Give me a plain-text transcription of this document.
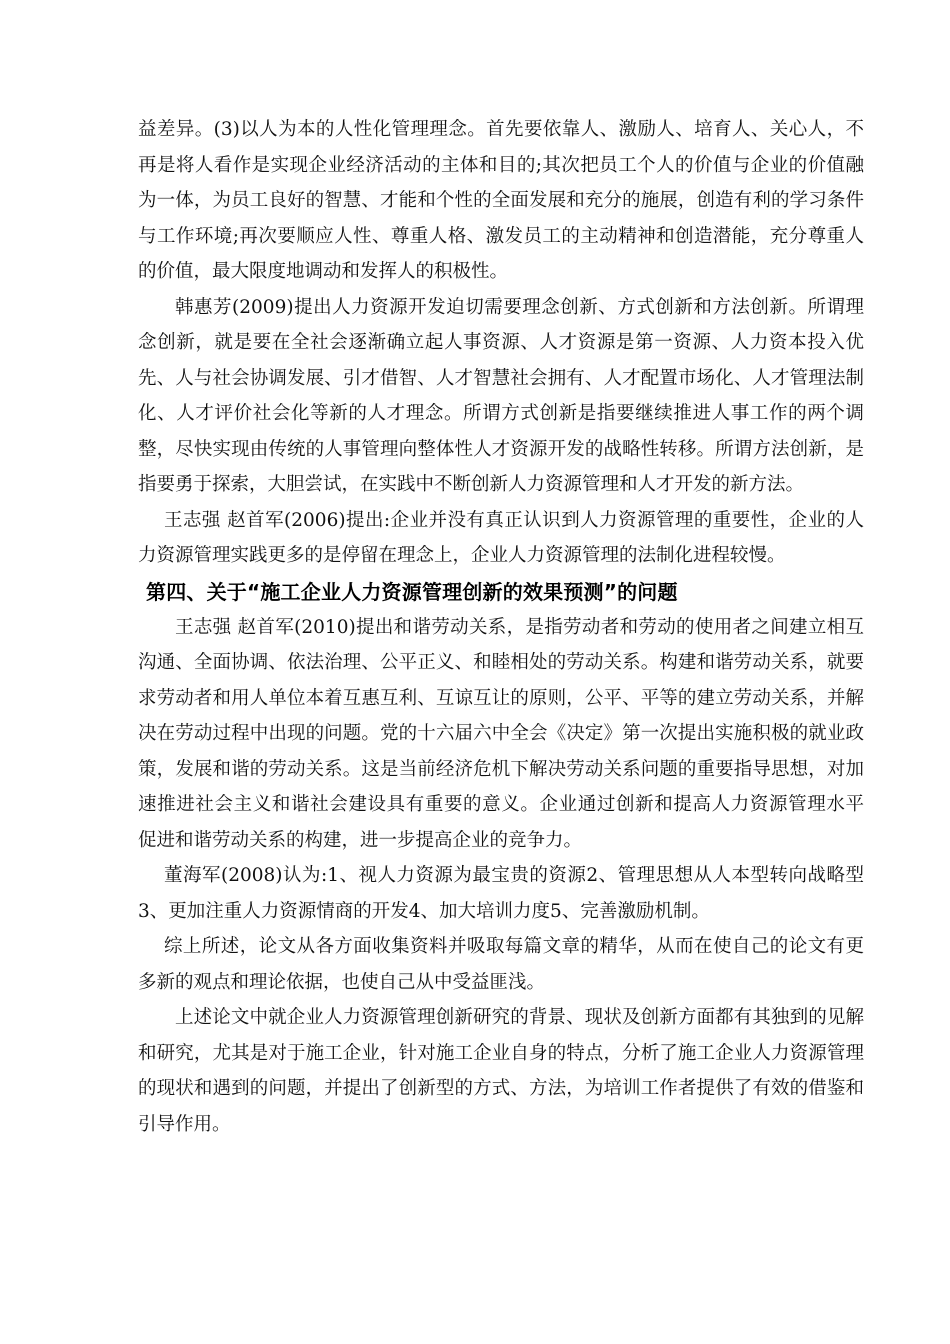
益差异。(3)以人为本的人性化管理理念。首先要依靠人、激励人、培育人、关心人，不再是将人看作是实现企业经济活动的主体和目的;其次把员工个人的价值与企业的价值融为一体，为员工良好的智慧、才能和个性的全面发展和充分的施展，创造有利的学习条件与工作环境;再次要顺应人性、尊重人格、激发员工的主动精神和创造潜能，充分尊重人的价值，最大限度地调动和发挥人的积极性。

韩惠芳(2009)提出人力资源开发迫切需要理念创新、方式创新和方法创新。所谓理念创新，就是要在全社会逐渐确立起人事资源、人才资源是第一资源、人力资本投入优先、人与社会协调发展、引才借智、人才智慧社会拥有、人才配置市场化、人才管理法制化、人才评价社会化等新的人才理念。所谓方式创新是指要继续推进人事工作的两个调整，尽快实现由传统的人事管理向整体性人才资源开发的战略性转移。所谓方法创新，是指要勇于探索，大胆尝试，在实践中不断创新人力资源管理和人才开发的新方法。

王志强 赵首军(2006)提出:企业并没有真正认识到人力资源管理的重要性，企业的人力资源管理实践更多的是停留在理念上，企业人力资源管理的法制化进程较慢。

第四、关于“施工企业人力资源管理创新的效果预测”的问题

王志强 赵首军(2010)提出和谐劳动关系，是指劳动者和劳动的使用者之间建立相互沟通、全面协调、依法治理、公平正义、和睦相处的劳动关系。构建和谐劳动关系，就要求劳动者和用人单位本着互惠互利、互谅互让的原则，公平、平等的建立劳动关系，并解决在劳动过程中出现的问题。党的十六届六中全会《决定》第一次提出实施积极的就业政策，发展和谐的劳动关系。这是当前经济危机下解决劳动关系问题的重要指导思想，对加速推进社会主义和谐社会建设具有重要的意义。企业通过创新和提高人力资源管理水平 促进和谐劳动关系的构建，进一步提高企业的竞争力。

董海军(2008)认为:1、视人力资源为最宝贵的资源2、管理思想从人本型转向战略型3、更加注重人力资源情商的开发4、加大培训力度5、完善激励机制。

综上所述，论文从各方面收集资料并吸取每篇文章的精华，从而在使自己的论文有更多新的观点和理论依据，也使自己从中受益匪浅。

上述论文中就企业人力资源管理创新研究的背景、现状及创新方面都有其独到的见解和研究，尤其是对于施工企业，针对施工企业自身的特点，分析了施工企业人力资源管理的现状和遇到的问题，并提出了创新型的方式、方法，为培训工作者提供了有效的借鉴和引导作用。
